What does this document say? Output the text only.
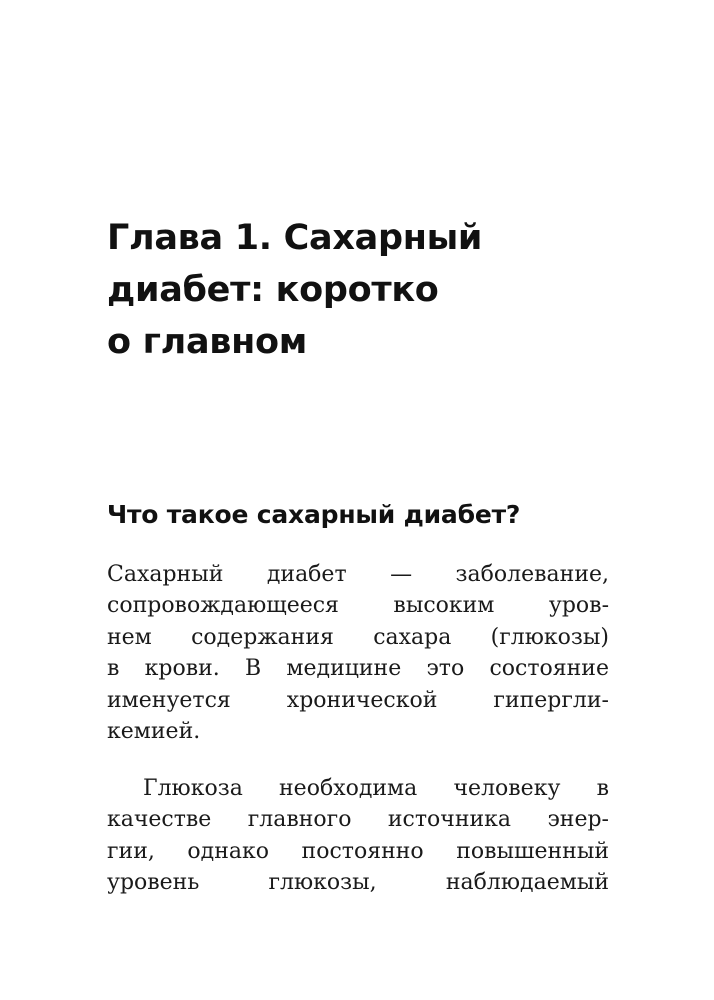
Глава 1. Сахарный
диабет: коротко
о главном
Что такое сахарный диабет?

Сахарный диабет — заболевание,
сопровождающееся высоким уров-
нем содержания сахара (глюкозы)
в крови. В медицине это состояние
именуется хронической гипергли-
кемией.

Глюкоза необходима человеку в
качестве главного источника энер-
гии, однако постоянно повышенный
уровень глюкозы, наблюдаемый
